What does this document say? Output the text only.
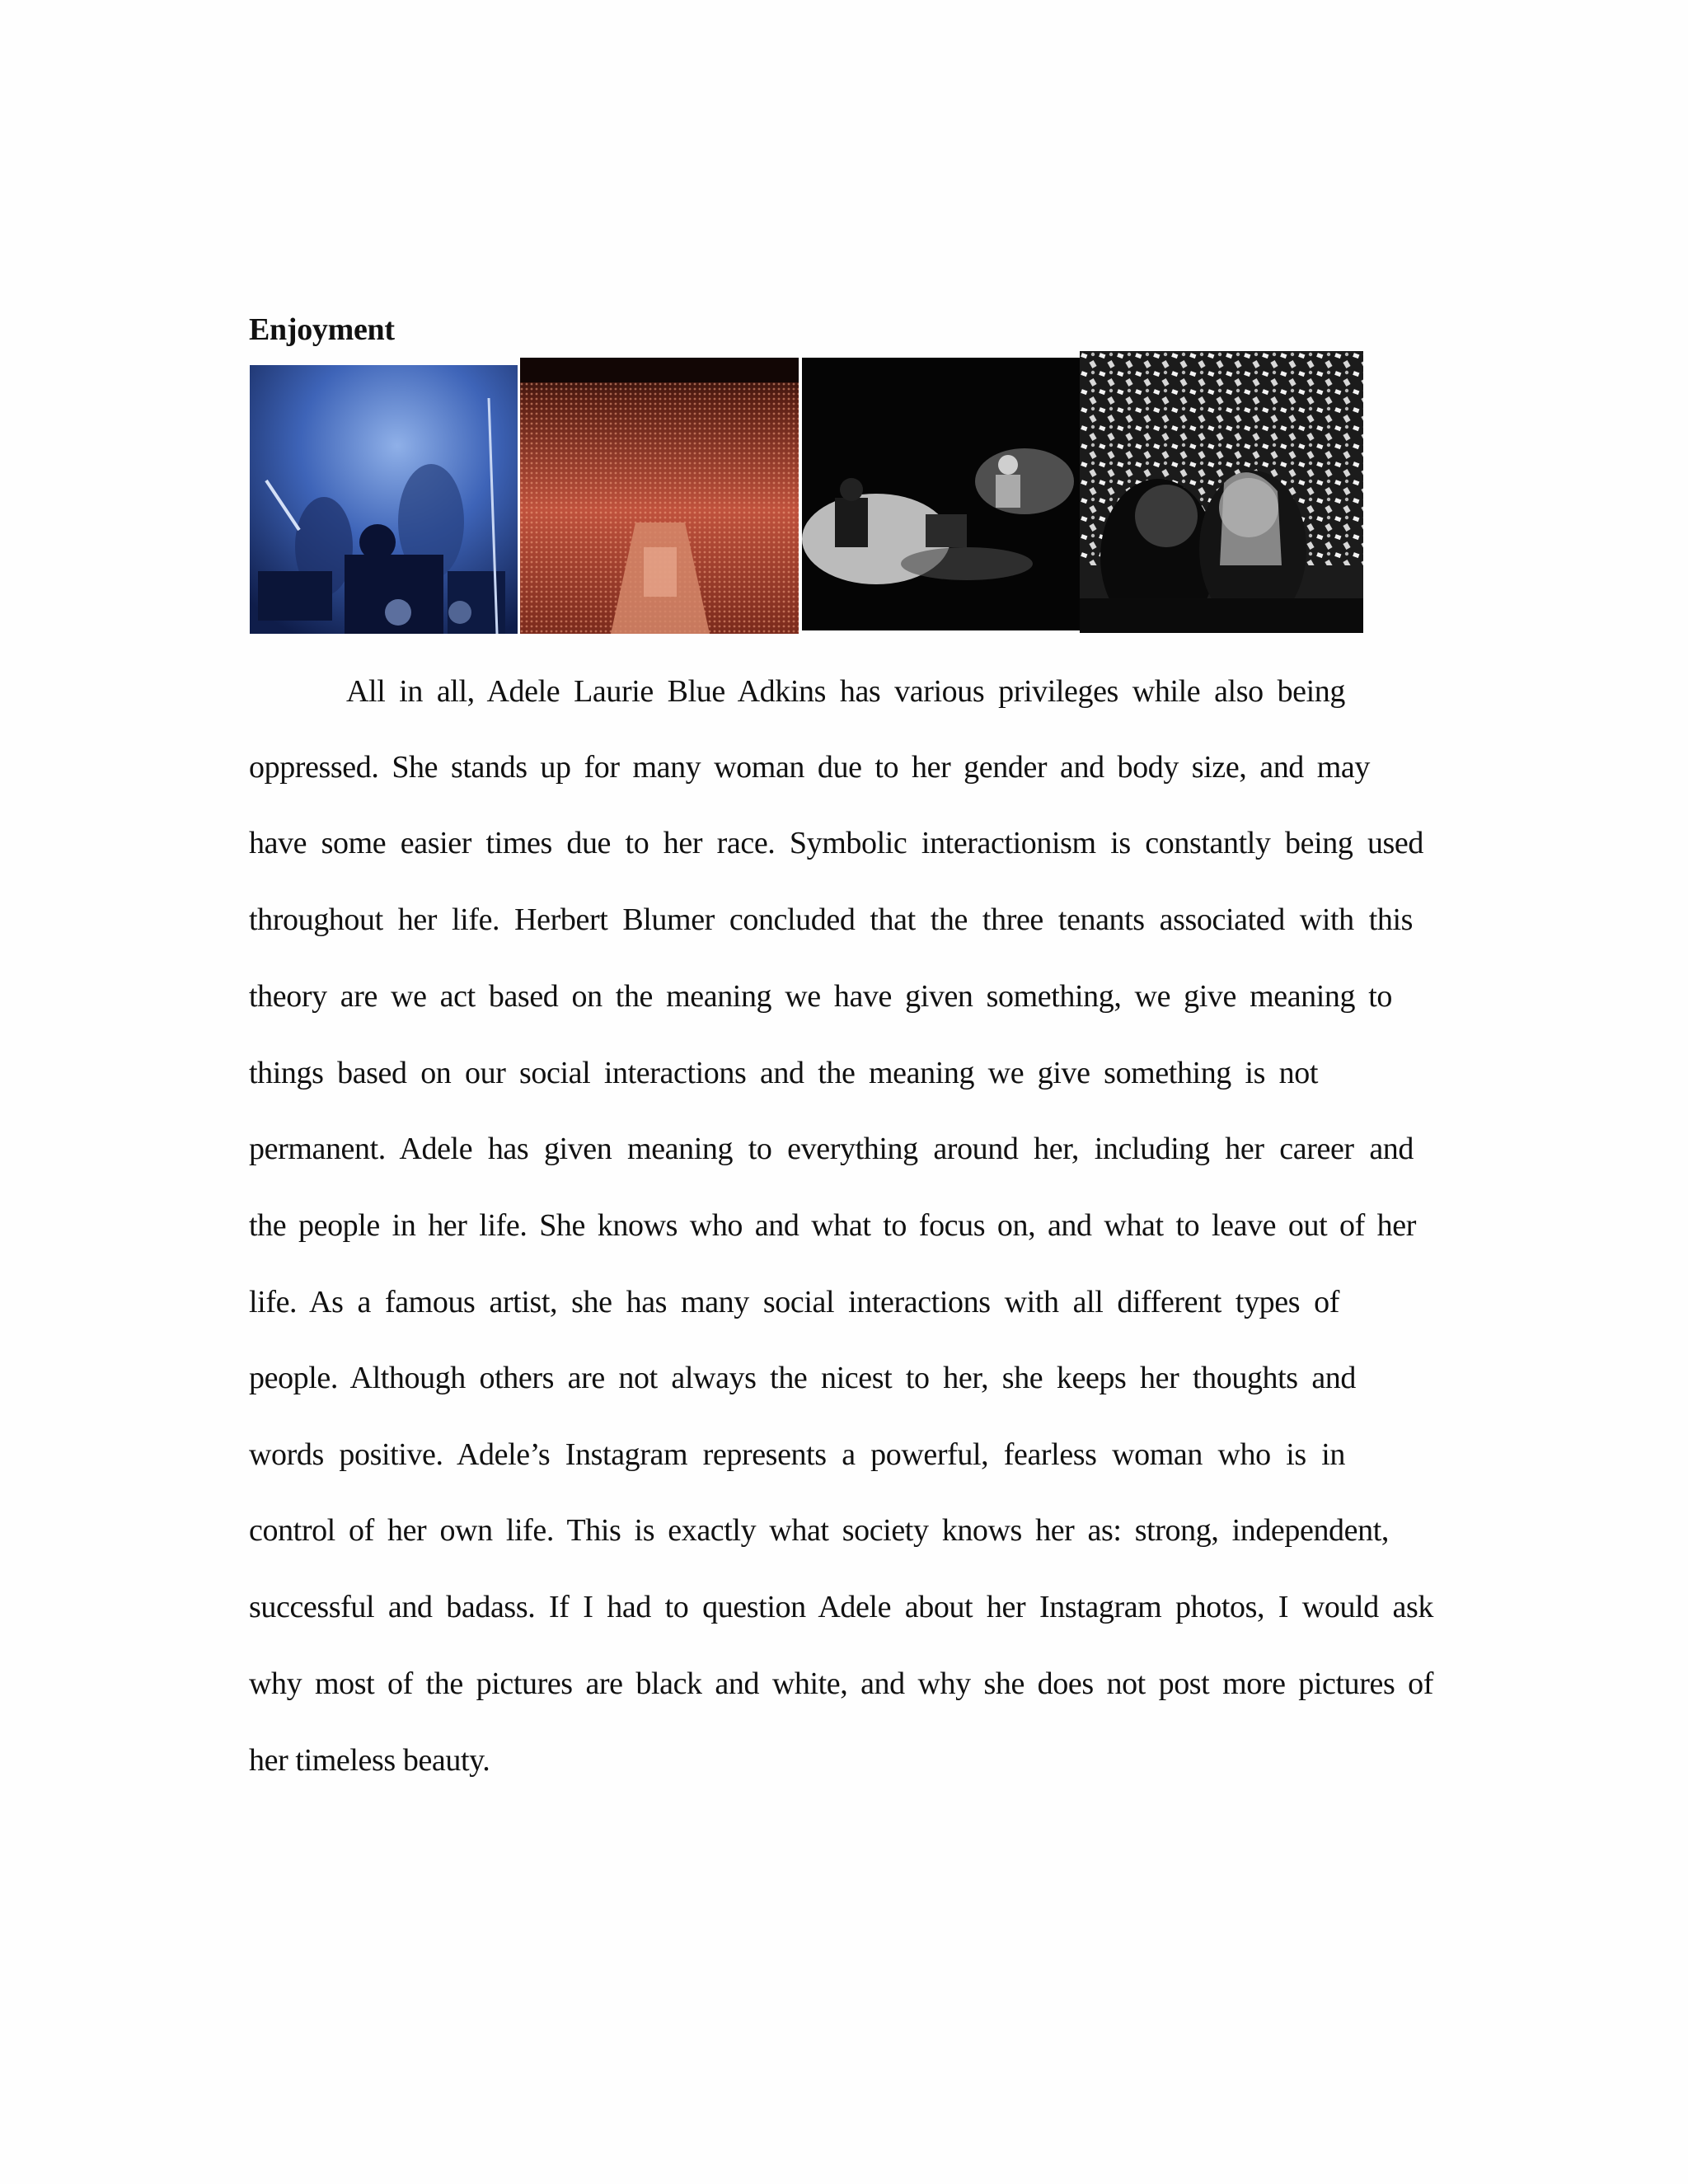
Enjoyment
All in all, Adele Laurie Blue Adkins has various privileges while also being
oppressed. She stands up for many woman due to her gender and body size, and may
have some easier times due to her race. Symbolic interactionism is constantly being used
throughout her life. Herbert Blumer concluded that the three tenants associated with this
theory are we act based on the meaning we have given something, we give meaning to
things based on our social interactions and the meaning we give something is not
permanent. Adele has given meaning to everything around her, including her career and
the people in her life. She knows who and what to focus on, and what to leave out of her
life. As a famous artist, she has many social interactions with all different types of
people. Although others are not always the nicest to her, she keeps her thoughts and
words positive. Adele’s Instagram represents a powerful, fearless woman who is in
control of her own life. This is exactly what society knows her as: strong, independent,
successful and badass. If I had to question Adele about her Instagram photos, I would ask
why most of the pictures are black and white, and why she does not post more pictures of
her timeless beauty.
